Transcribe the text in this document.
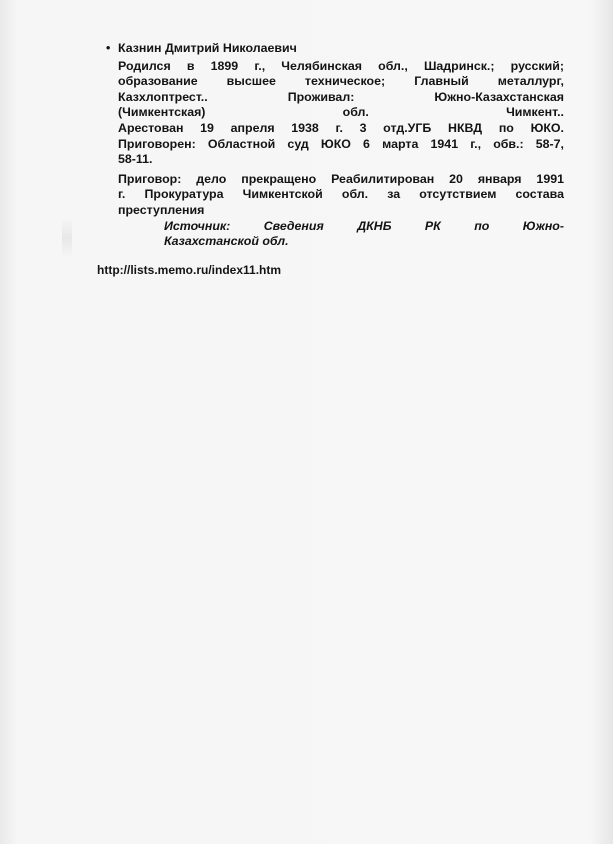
• Казнин Дмитрий Николаевич
Родился в 1899 г., Челябинская обл., Шадринск.; русский;
образование высшее техническое; Главный металлург,
Казхлоптрест.. Проживал: Южно-Казахстанская
(Чимкентская) обл. Чимкент..
Арестован 19 апреля 1938 г. 3 отд.УГБ НКВД по ЮКО.
Приговорен: Областной суд ЮКО 6 марта 1941 г., обв.: 58-7,
58-11.
Приговор: дело прекращено Реабилитирован 20 января 1991
г. Прокуратура Чимкентской обл. за отсутствием состава
преступления
Источник: Сведения ДКНБ РК по Южно-
Казахстанской обл.
http://lists.memo.ru/index11.htm
